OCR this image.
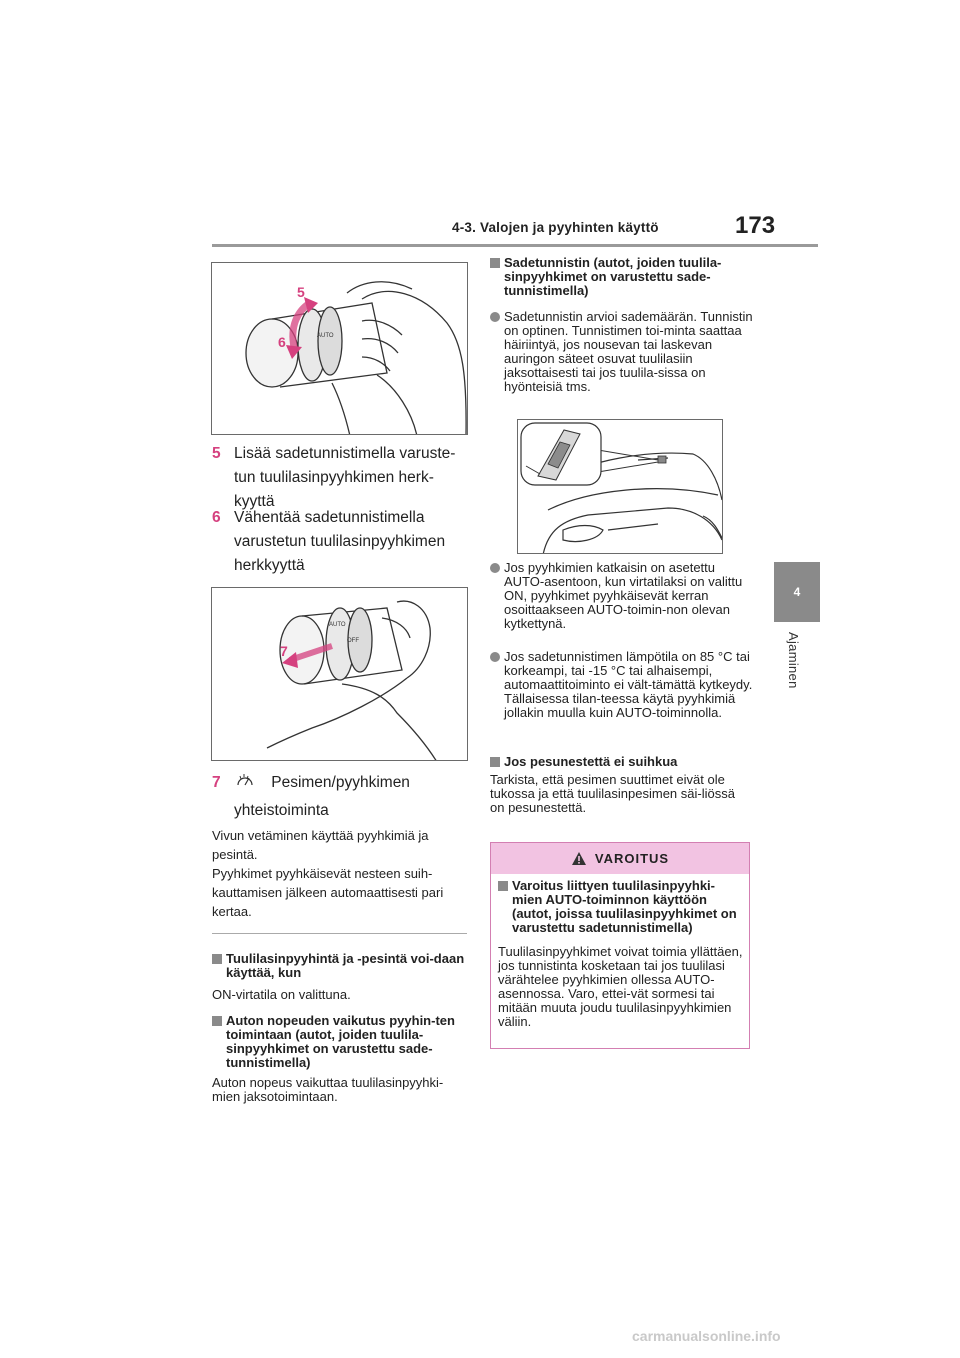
4-3. Valojen ja pyyhinten käyttö	173
4
Ajaminen
AUTO
5
6
5 Lisää sadetunnistimella varuste-tun tuulilasinpyyhkimen herk-kyyttä
6 Vähentää sadetunnistimella varustetun tuulilasinpyyhkimen herkkyyttä
AUTO
OFF
7
7	Pesimen/pyyhkimen
yhteistoiminta
Vivun vetäminen käyttää pyyhkimiä ja pesintä.
Pyyhkimet pyyhkäisevät nesteen suih-kauttamisen jälkeen automaattisesti pari kertaa.
Tuulilasinpyyhintä ja -pesintä voi-daan käyttää, kun
ON-virtatila on valittuna.
Auton nopeuden vaikutus pyyhin-ten toimintaan (autot, joiden tuulila-sinpyyhkimet on varustettu sade-tunnistimella)
Auton nopeus vaikuttaa tuulilasinpyyhki-mien jaksotoimintaan.
Sadetunnistin (autot, joiden tuulila-sinpyyhkimet on varustettu sade-tunnistimella)
Sadetunnistin arvioi sademäärän. Tunnistin on optinen. Tunnistimen toi-minta saattaa häiriintyä, jos nousevan tai laskevan auringon säteet osuvat tuulilasiin jaksottaisesti tai jos tuulila-sissa on hyönteisiä tms.
Jos pyyhkimien katkaisin on asetettu AUTO-asentoon, kun virtatilaksi on valittu ON, pyyhkimet pyyhkäisevät kerran osoittaakseen AUTO-toimin-non olevan kytkettynä.
Jos sadetunnistimen lämpötila on 85 °C tai korkeampi, tai -15 °C tai alhaisempi, automaattitoiminto ei vält-tämättä kytkeydy. Tällaisessa tilan-teessa käytä pyyhkimiä jollakin muulla kuin AUTO-toiminnolla.
Jos pesunestettä ei suihkua
Tarkista, että pesimen suuttimet eivät ole tukossa ja että tuulilasinpesimen säi-liössä on pesunestettä.
VAROITUS
Varoitus liittyen tuulilasinpyyhki-mien AUTO-toiminnon käyttöön (autot, joissa tuulilasinpyyhkimet on varustettu sadetunnistimella)
Tuulilasinpyyhkimet voivat toimia yllättäen, jos tunnistinta kosketaan tai jos tuulilasi värähtelee pyyhkimien ollessa AUTO-asennossa. Varo, ettei-vät sormesi tai mitään muuta joudu tuulilasinpyyhkimien väliin.
carmanualsonline.info
